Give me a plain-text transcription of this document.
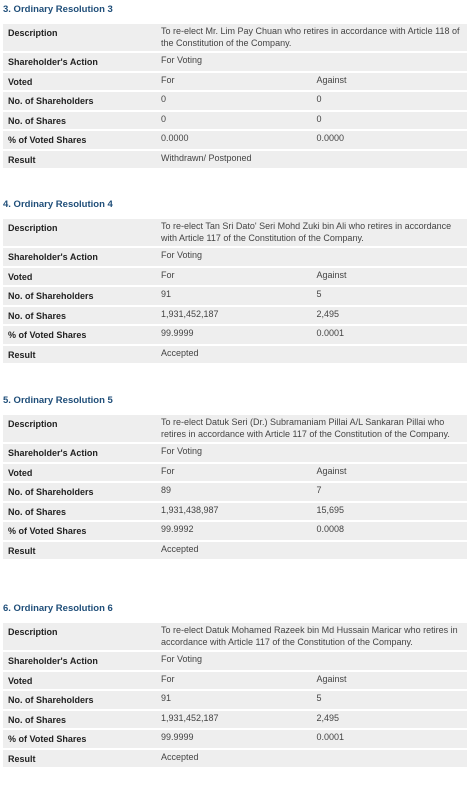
3. Ordinary Resolution 3

Description	To re-elect Mr. Lim Pay Chuan who retires in accordance with Article 118 of the Constitution of the Company.	
Shareholder's Action	For Voting	
Voted	For	Against
No. of Shareholders	0	0
No. of Shares	0	0
% of Voted Shares	0.0000	0.0000
Result	Withdrawn/ Postponed	

4. Ordinary Resolution 4

Description	To re-elect Tan Sri Dato' Seri Mohd Zuki bin Ali who retires in accordance with Article 117 of the Constitution of the Company.	
Shareholder's Action	For Voting	
Voted	For	Against
No. of Shareholders	91	5
No. of Shares	1,931,452,187	2,495
% of Voted Shares	99.9999	0.0001
Result	Accepted	

5. Ordinary Resolution 5

Description	To re-elect Datuk Seri (Dr.) Subramaniam Pillai A/L Sankaran Pillai who retires in accordance with Article 117 of the Constitution of the Company.	
Shareholder's Action	For Voting	
Voted	For	Against
No. of Shareholders	89	7
No. of Shares	1,931,438,987	15,695
% of Voted Shares	99.9992	0.0008
Result	Accepted	

6. Ordinary Resolution 6

Description	To re-elect Datuk Mohamed Razeek bin Md Hussain Maricar who retires in accordance with Article 117 of the Constitution of the Company.	
Shareholder's Action	For Voting	
Voted	For	Against
No. of Shareholders	91	5
No. of Shares	1,931,452,187	2,495
% of Voted Shares	99.9999	0.0001
Result	Accepted	
